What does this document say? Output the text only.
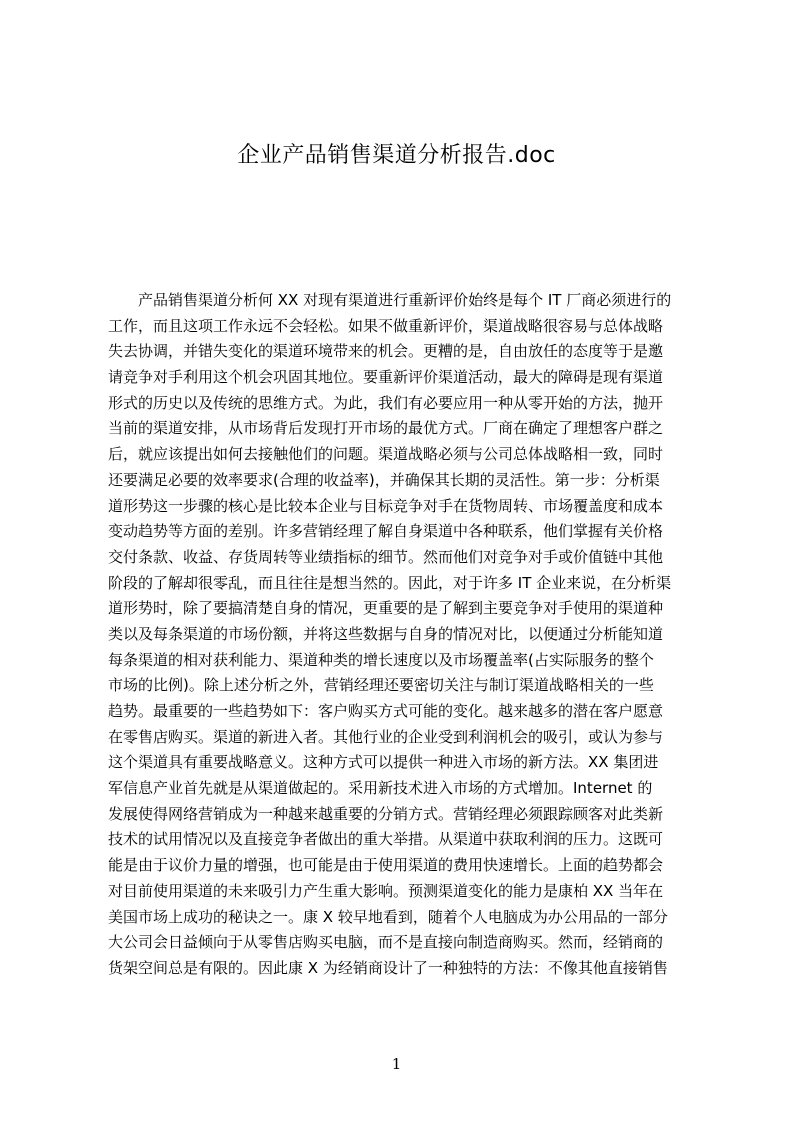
企业产品销售渠道分析报告.doc
产品销售渠道分析何 XX 对现有渠道进行重新评价始终是每个 IT 厂商必须进行的
工作，而且这项工作永远不会轻松。如果不做重新评价，渠道战略很容易与总体战略
失去协调，并错失变化的渠道环境带来的机会。更糟的是，自由放任的态度等于是邀
请竞争对手利用这个机会巩固其地位。要重新评价渠道活动，最大的障碍是现有渠道
形式的历史以及传统的思维方式。为此，我们有必要应用一种从零开始的方法，抛开
当前的渠道安排，从市场背后发现打开市场的最优方式。厂商在确定了理想客户群之
后，就应该提出如何去接触他们的问题。渠道战略必须与公司总体战略相一致，同时
还要满足必要的效率要求(合理的收益率)，并确保其长期的灵活性。第一步：分析渠
道形势这一步骤的核心是比较本企业与目标竞争对手在货物周转、市场覆盖度和成本
变动趋势等方面的差别。许多营销经理了解自身渠道中各种联系，他们掌握有关价格
交付条款、收益、存货周转等业绩指标的细节。然而他们对竞争对手或价值链中其他
阶段的了解却很零乱，而且往往是想当然的。因此，对于许多 IT 企业来说，在分析渠
道形势时，除了要搞清楚自身的情况，更重要的是了解到主要竞争对手使用的渠道种
类以及每条渠道的市场份额，并将这些数据与自身的情况对比，以便通过分析能知道
每条渠道的相对获利能力、渠道种类的增长速度以及市场覆盖率(占实际服务的整个
市场的比例)。除上述分析之外，营销经理还要密切关注与制订渠道战略相关的一些
趋势。最重要的一些趋势如下：客户购买方式可能的变化。越来越多的潜在客户愿意
在零售店购买。渠道的新进入者。其他行业的企业受到利润机会的吸引，或认为参与
这个渠道具有重要战略意义。这种方式可以提供一种进入市场的新方法。XX 集团进
军信息产业首先就是从渠道做起的。采用新技术进入市场的方式增加。Internet 的
发展使得网络营销成为一种越来越重要的分销方式。营销经理必须跟踪顾客对此类新
技术的试用情况以及直接竞争者做出的重大举措。从渠道中获取利润的压力。这既可
能是由于议价力量的增强，也可能是由于使用渠道的费用快速增长。上面的趋势都会
对目前使用渠道的未来吸引力产生重大影响。预测渠道变化的能力是康柏 XX 当年在
美国市场上成功的秘诀之一。康 X 较早地看到，随着个人电脑成为办公用品的一部分
大公司会日益倾向于从零售店购买电脑，而不是直接向制造商购买。然而，经销商的
货架空间总是有限的。因此康 X 为经销商设计了一种独特的方法：不像其他直接销售
1
